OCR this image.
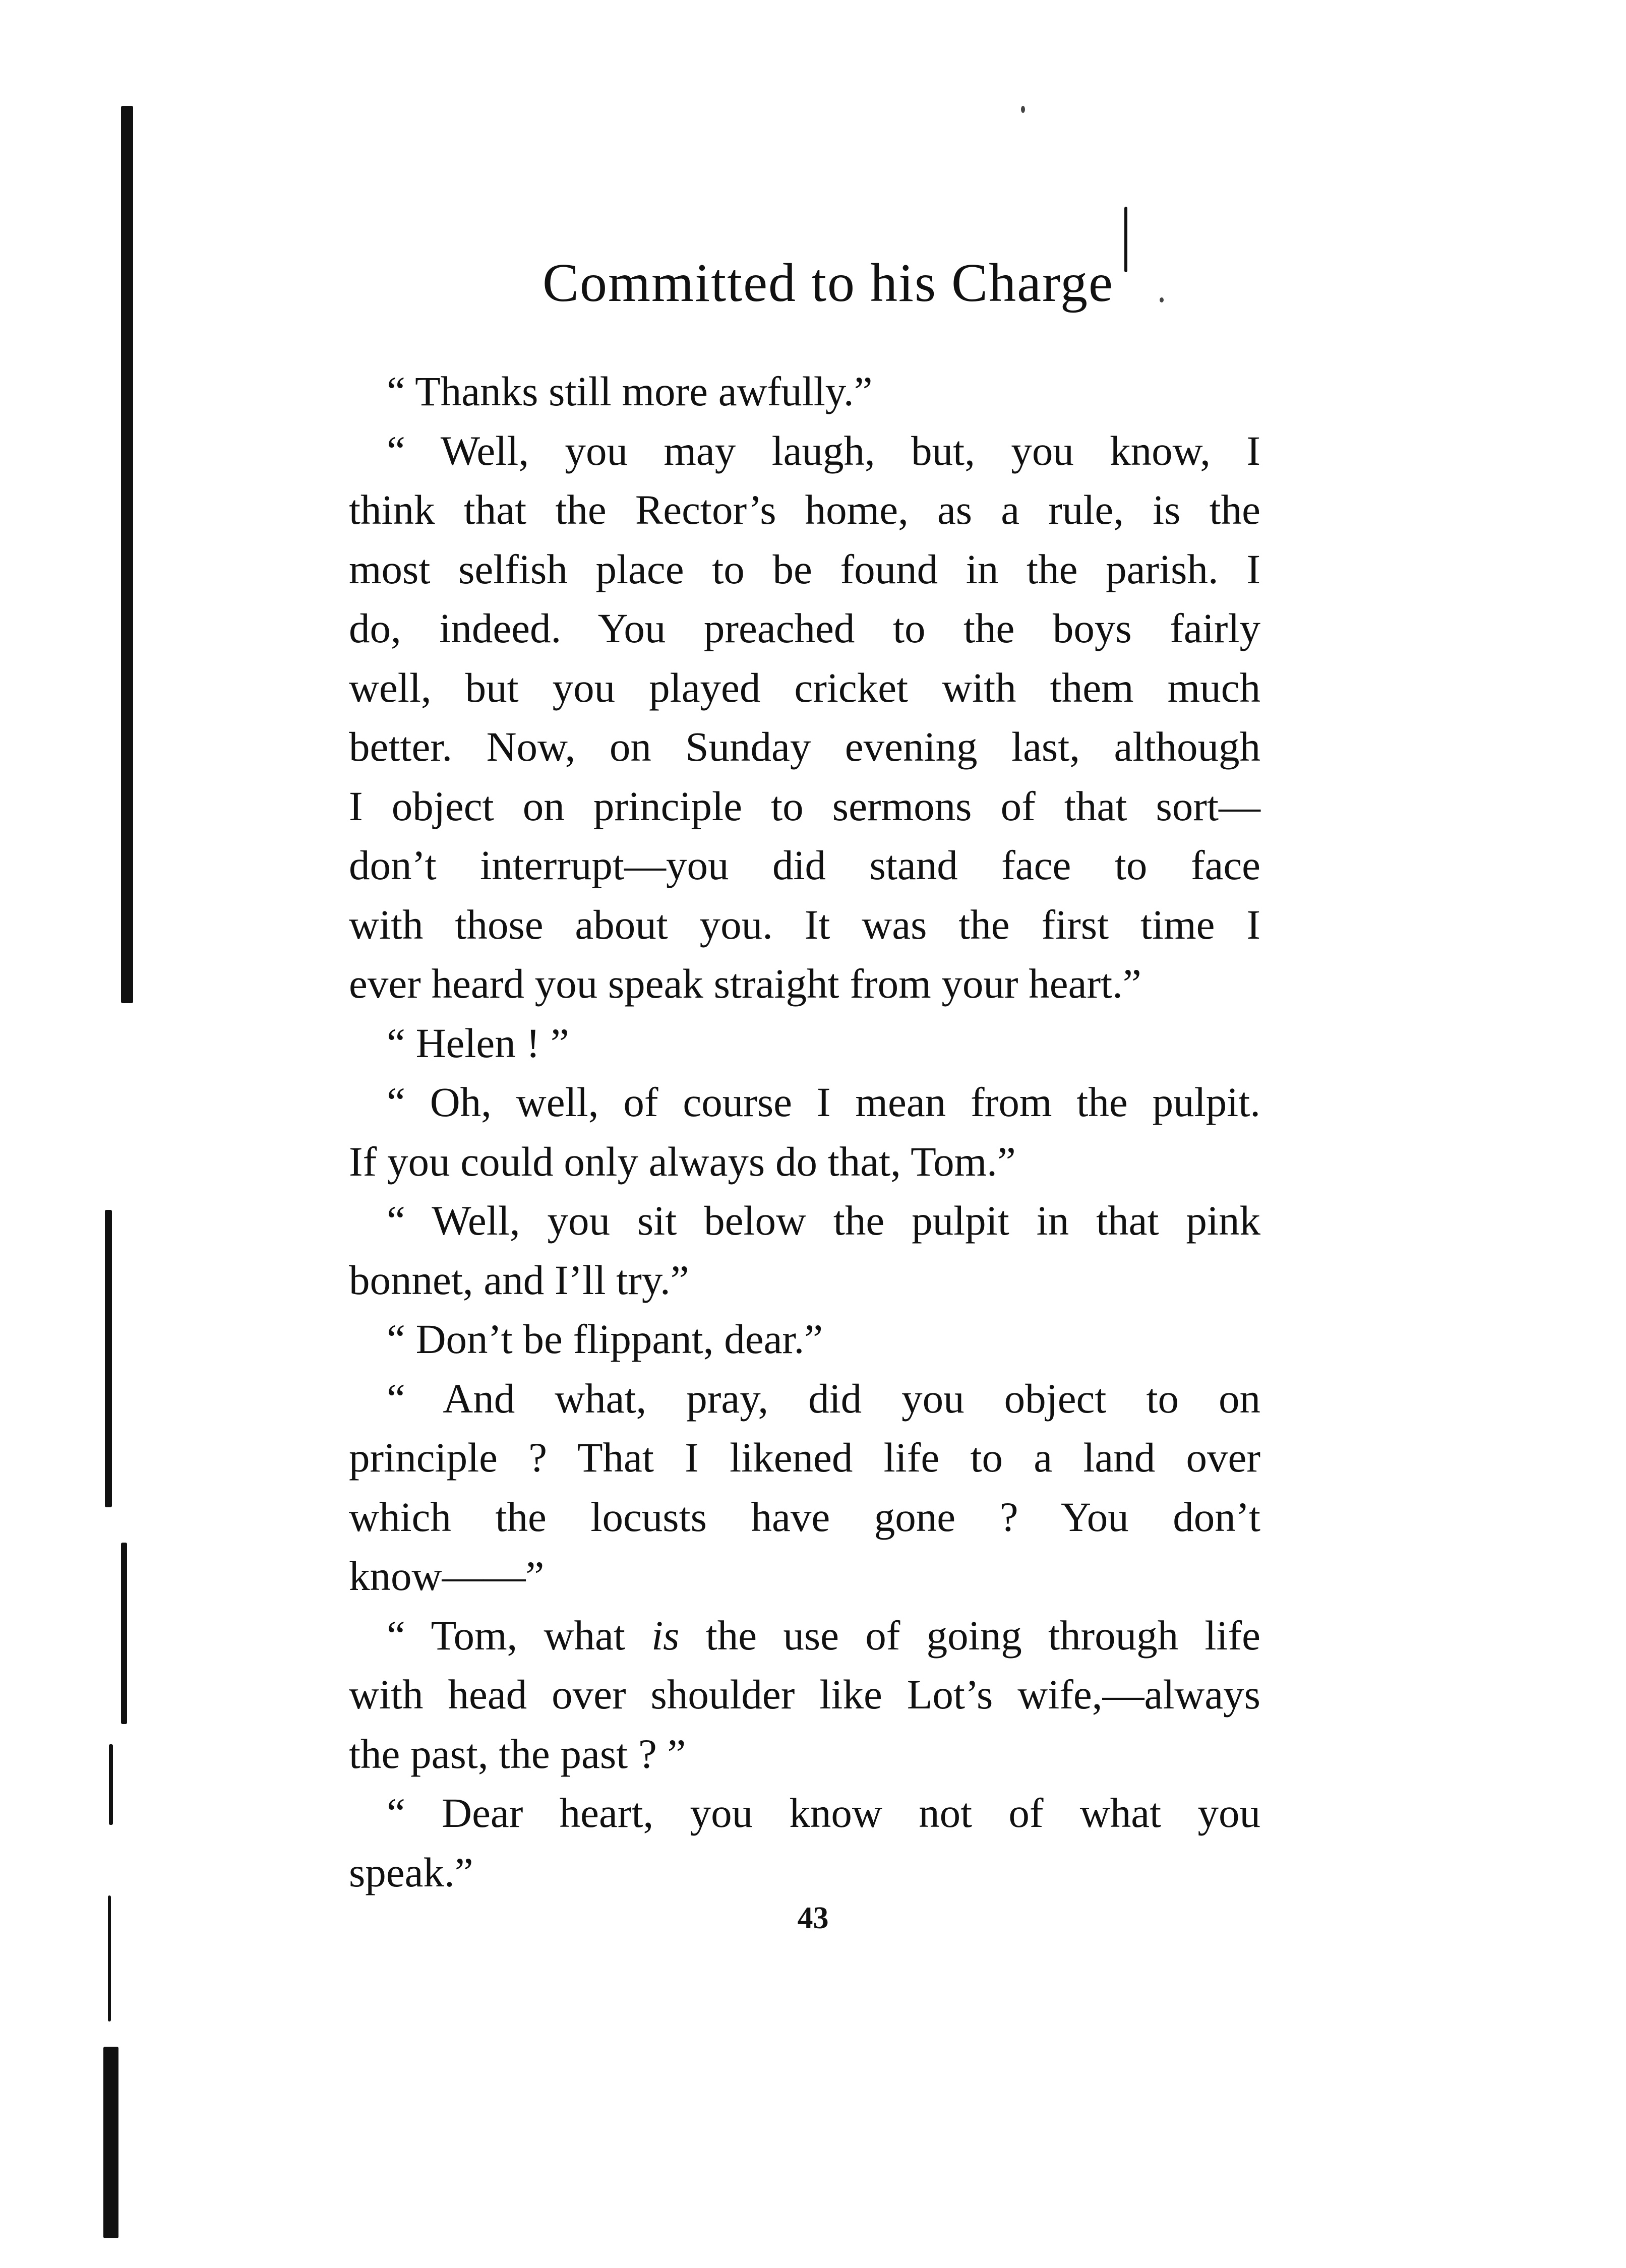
Committed to his Charge
“ Thanks still more awfully.”
“ Well, you may laugh, but, you know, I
think that the Rector’s home, as a rule, is the
most selfish place to be found in the parish. I
do, indeed. You preached to the boys fairly
well, but you played cricket with them much
better. Now, on Sunday evening last, although
I object on principle to sermons of that sort—
don’t interrupt—you did stand face to face
with those about you. It was the first time I
ever heard you speak straight from your heart.”
“ Helen ! ”
“ Oh, well, of course I mean from the pulpit.
If you could only always do that, Tom.”
“ Well, you sit below the pulpit in that pink
bonnet, and I’ll try.”
“ Don’t be flippant, dear.”
“ And what, pray, did you object to on
principle ? That I likened life to a land over
which the locusts have gone ? You don’t
know——”
“ Tom, what is the use of going through life
with head over shoulder like Lot’s wife,—always
the past, the past ? ”
“ Dear heart, you know not of what you
speak.”
43
